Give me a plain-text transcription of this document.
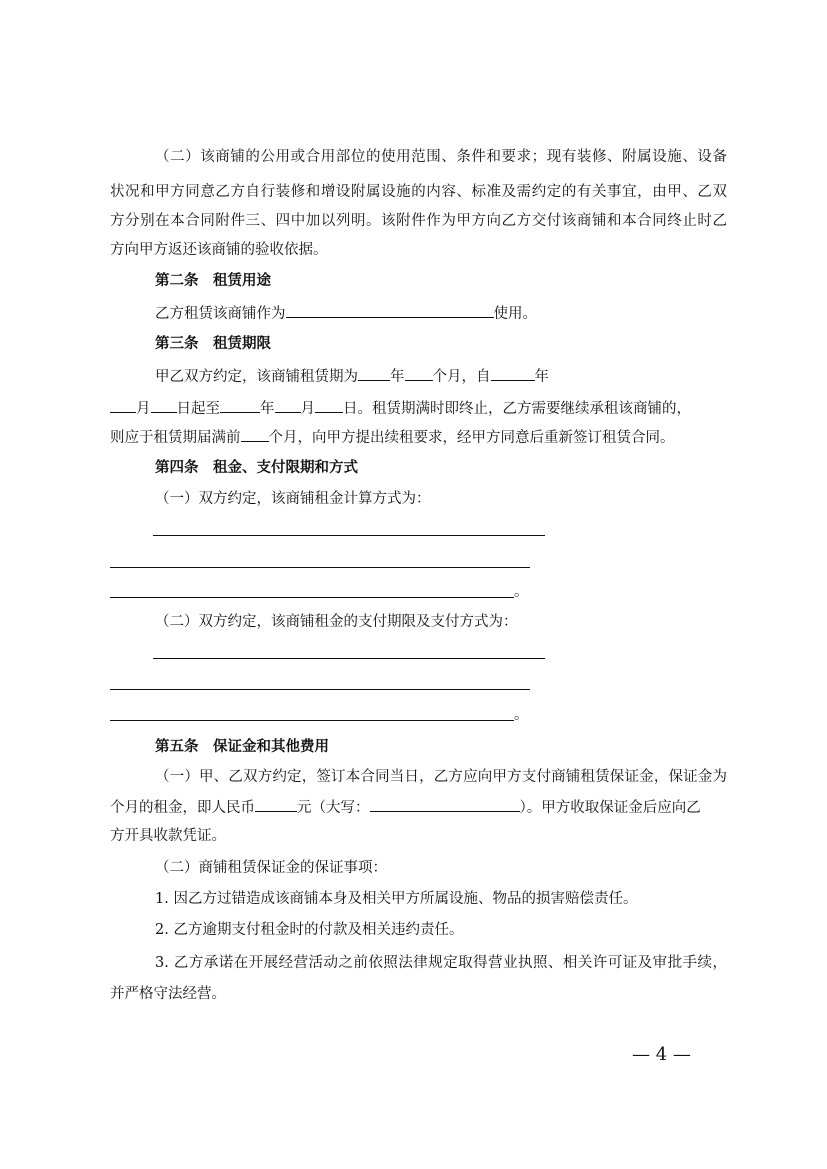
（二）该商铺的公用或合用部位的使用范围、条件和要求；现有装修、附属设施、设备
状况和甲方同意乙方自行装修和增设附属设施的内容、标准及需约定的有关事宜，由甲、乙双
方分别在本合同附件三、四中加以列明。该附件作为甲方向乙方交付该商铺和本合同终止时乙
方向甲方返还该商铺的验收依据。
第二条　租赁用途
乙方租赁该商铺作为	使用。
第三条　租赁期限
甲乙双方约定，该商铺租赁期为 年 个月，自	年
月 日起至	年 月 日。租赁期满时即终止，乙方需要继续承租该商铺的，
则应于租赁期届满前 个月，向甲方提出续租要求，经甲方同意后重新签订租赁合同。
第四条　租金、支付限期和方式
（一）双方约定，该商铺租金计算方式为：
。
（二）双方约定，该商铺租金的支付期限及支付方式为：
。
第五条　保证金和其他费用
（一）甲、乙双方约定，签订本合同当日，乙方应向甲方支付商铺租赁保证金，保证金为
个月的租金，即人民币	元（大写：	）。甲方收取保证金后应向乙
方开具收款凭证。
（二）商铺租赁保证金的保证事项：
1. 因乙方过错造成该商铺本身及相关甲方所属设施、物品的损害赔偿责任。
2. 乙方逾期支付租金时的付款及相关违约责任。
3. 乙方承诺在开展经营活动之前依照法律规定取得营业执照、相关许可证及审批手续，
并严格守法经营。
— 4 —
